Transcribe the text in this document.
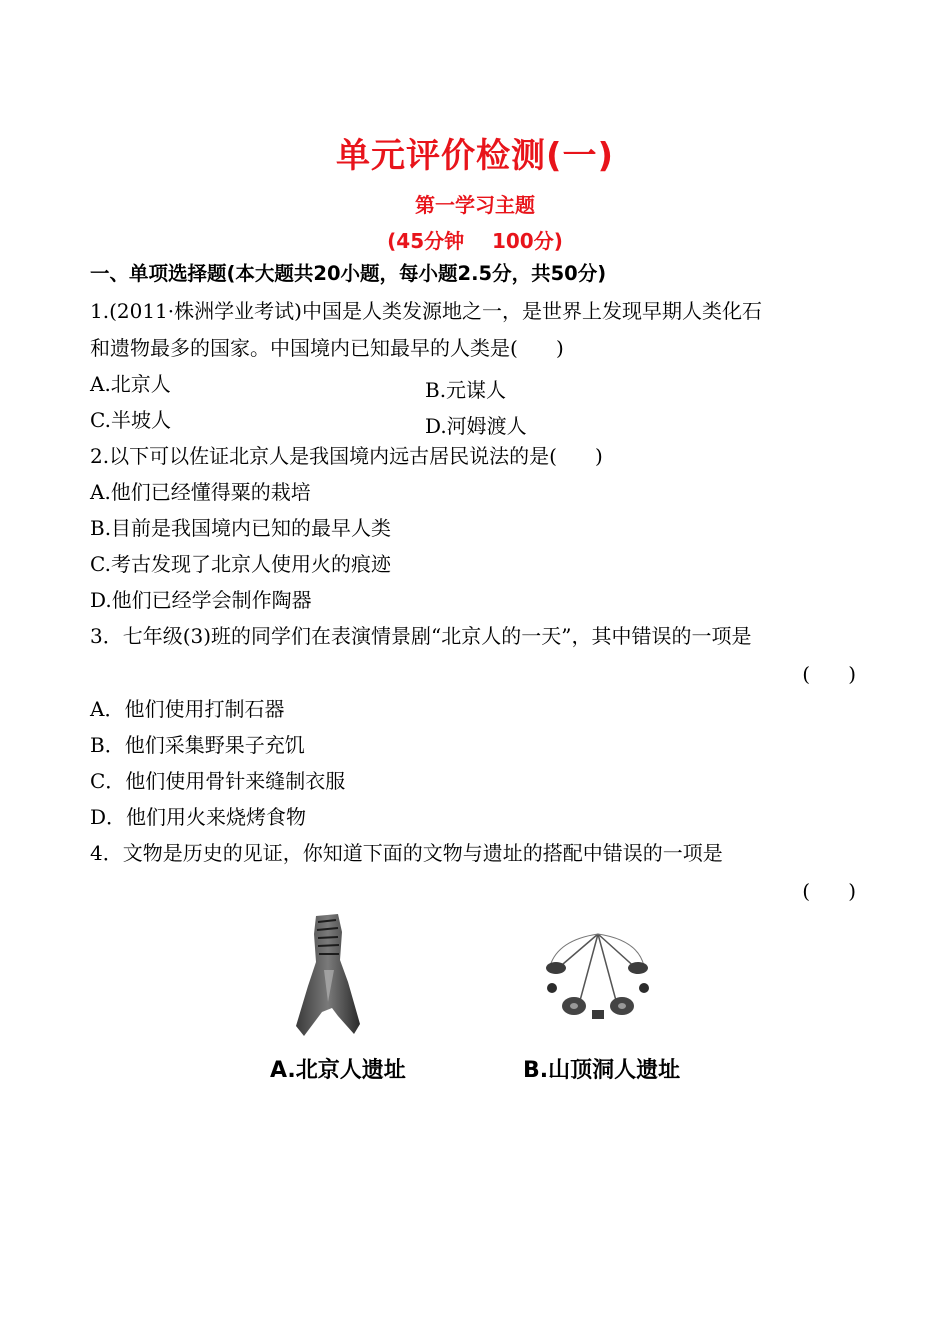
单元评价检测(一)
第一学习主题
(45分钟    100分)
一、单项选择题(本大题共20小题，每小题2.5分，共50分)
1.(2011·株洲学业考试)中国是人类发源地之一，是世界上发现早期人类化石
和遗物最多的国家。中国境内已知最早的人类是(      )
A.北京人	B.元谋人
C.半坡人	D.河姆渡人
2.以下可以佐证北京人是我国境内远古居民说法的是(      )
A.他们已经懂得粟的栽培
B.目前是我国境内已知的最早人类
C.考古发现了北京人使用火的痕迹
D.他们已经学会制作陶器
3．七年级(3)班的同学们在表演情景剧“北京人的一天”，其中错误的一项是
(      )
A．他们使用打制石器
B．他们采集野果子充饥
C．他们使用骨针来缝制衣服
D．他们用火来烧烤食物
4．文物是历史的见证，你知道下面的文物与遗址的搭配中错误的一项是
(      )
A.北京人遗址	B.山顶洞人遗址
